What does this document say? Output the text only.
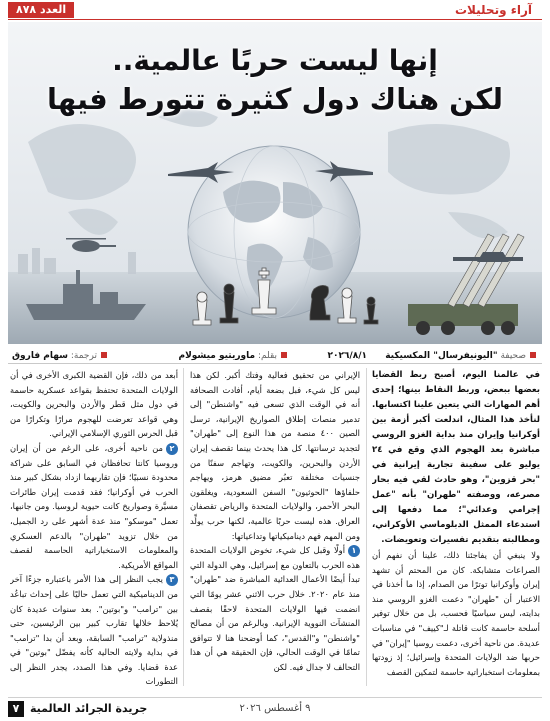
العدد ٨٧٨	آراء وتحليلات
إنها ليست حربًا عالمية..
لكن هناك دول كثيرة تتورط فيها
صحيفة "اليونيفرسال" المكسيكية
٢٠٢٦/٨/١
بقلم: ماوريتيو ميشولام
ترجمة: سهام فاروق

في عالمنا اليوم، أصبح ربط القضايا بعضها ببعض، وربط النقاط بينها؛ إحدى أهم المهارات التي يتعين علينا اكتسابها. لنأخذ هذا المثال، اندلعت أكبر أزمة بين أوكرانيا وإيران منذ بداية الغزو الروسي مباشرة بعد الهجوم الذي وقع في ٢٤ يوليو على سفينة تجارية إيرانية في "بحر قزوين"، وهو حادث لقي فيه بحار مصرعه، ووصفته "طهران" بأنه "عمل إجرامي وعدائي"؛ مما دفعها إلى استدعاء الممثل الدبلوماسي الأوكراني، ومطالبته بتقديم تفسيرات وتعويضات.

ولا ينبغي أن يفاجئنا ذلك، علينا أن نفهم أن الصراعات متشابكة. كان من المحتم أن تشهد إيران وأوكرانيا توترًا من الصدام، إذا ما أخذنا في الاعتبار أن "طهران" دعمت الغزو الروسي منذ بدايته، ليس سياسيًا فحسب، بل من خلال توفير أسلحة حاسمة كانت قاتلة لـ"كييف" في مناسبات عديدة. من ناحية أخرى، دعمت روسيا "إيران" في حربها ضد الولايات المتحدة وإسرائيل؛ إذ زودتها بمعلومات استخباراتية حاسمة لتمكين القصف

الإيراني من تحقيق فعالية وفتك أكبر. لكن هذا ليس كل شيء، فبل بضعة أيام، أفادت الصحافة أنه في الوقت الذي تسعى فيه "واشنطن" إلى تدمير منصات إطلاق الصواريخ الإيرانية، ترسل الصين ٤٠٠ منصة من هذا النوع إلى "طهران" لتجديد ترسانتها. كل هذا يحدث بينما تقصف إيران الأردن والبحرين، والكويت، وتهاجم سفنًا من جنسيات مختلفة تعبُر مضيق هرمز، ويهاجم حلفاؤها "الحوثيون" السفن السعودية، ويغلقون البحر الأحمر، والولايات المتحدة والرياض تقصفان العراق. هذه ليست حربًا عالمية، لكنها حرب يولِّد ومن المهم فهم ديناميكياتها وتداعياتها:

١أولًا وقبل كل شيء، تخوض الولايات المتحدة هذه الحرب بالتعاون مع إسرائيل، وهي الدولة التي تبدأ أيضًا الأعمال العدائية المباشرة ضد "طهران" منذ عام ٢٠٢٠. خلال حرب الاثني عشر يومًا التي انضمت فيها الولايات المتحدة لاحقًا بقصف المنشآت النووية الإيرانية. وبالرغم من أن مصالح "واشنطن" و"القدس"، كما أوضحنا هنا لا تتوافق تمامًا في الوقت الحالي، فإن الحقيقة هي أن هذا التحالف لا جدال فيه. لكن

أبعد من ذلك، فإن القضية الكبرى الأخرى في أن الولايات المتحدة تحتفظ بقواعد عسكرية حاسمة في دول مثل قطر والأردن والبحرين والكويت، وهي قواعد تعرضت للهجوم مرارًا وتكرارًا من قبل الحرس الثوري الإسلامي الإيراني.

٢من ناحية أخرى، على الرغم من أن إيران وروسيا كانتا تحافظان في السابق على شراكة محدودة نسبيًا؛ فإن تقاربهما ازداد بشكل كبير منذ الحرب في أوكرانيا؛ فقد قدمت إيران طائرات مسيَّرة وصواريخ كانت حيوية لروسيا. ومن جانبها، تعمل "موسكو" منذ عدة أشهر على رد الجميل، من خلال تزويد "طهران" بالدعم العسكري والمعلومات الاستخباراتية الحاسمة لقصف المواقع الأمريكية.

٣يجب النظر إلى هذا الأمر باعتباره جزءًا آخر من الديناميكية التي تعمل حاليًا على إحداث تباعُد بين "ترامب" و"بوتين". بعد سنوات عديدة كان يُلاحظ خلالها تقارب كبير بين الرئيسين، حتى منذولاية "ترامب" السابقة، وبعد أن بدا "ترامب" في بداية ولايته الحالية كأنه يفضّل "بوتين" في عدة قضايا. وفي هذا الصدد، يجدر النظر إلى التطورات

٧ جريدة الجرائد العالمية	٩ أغسطس ٢٠٢٦
